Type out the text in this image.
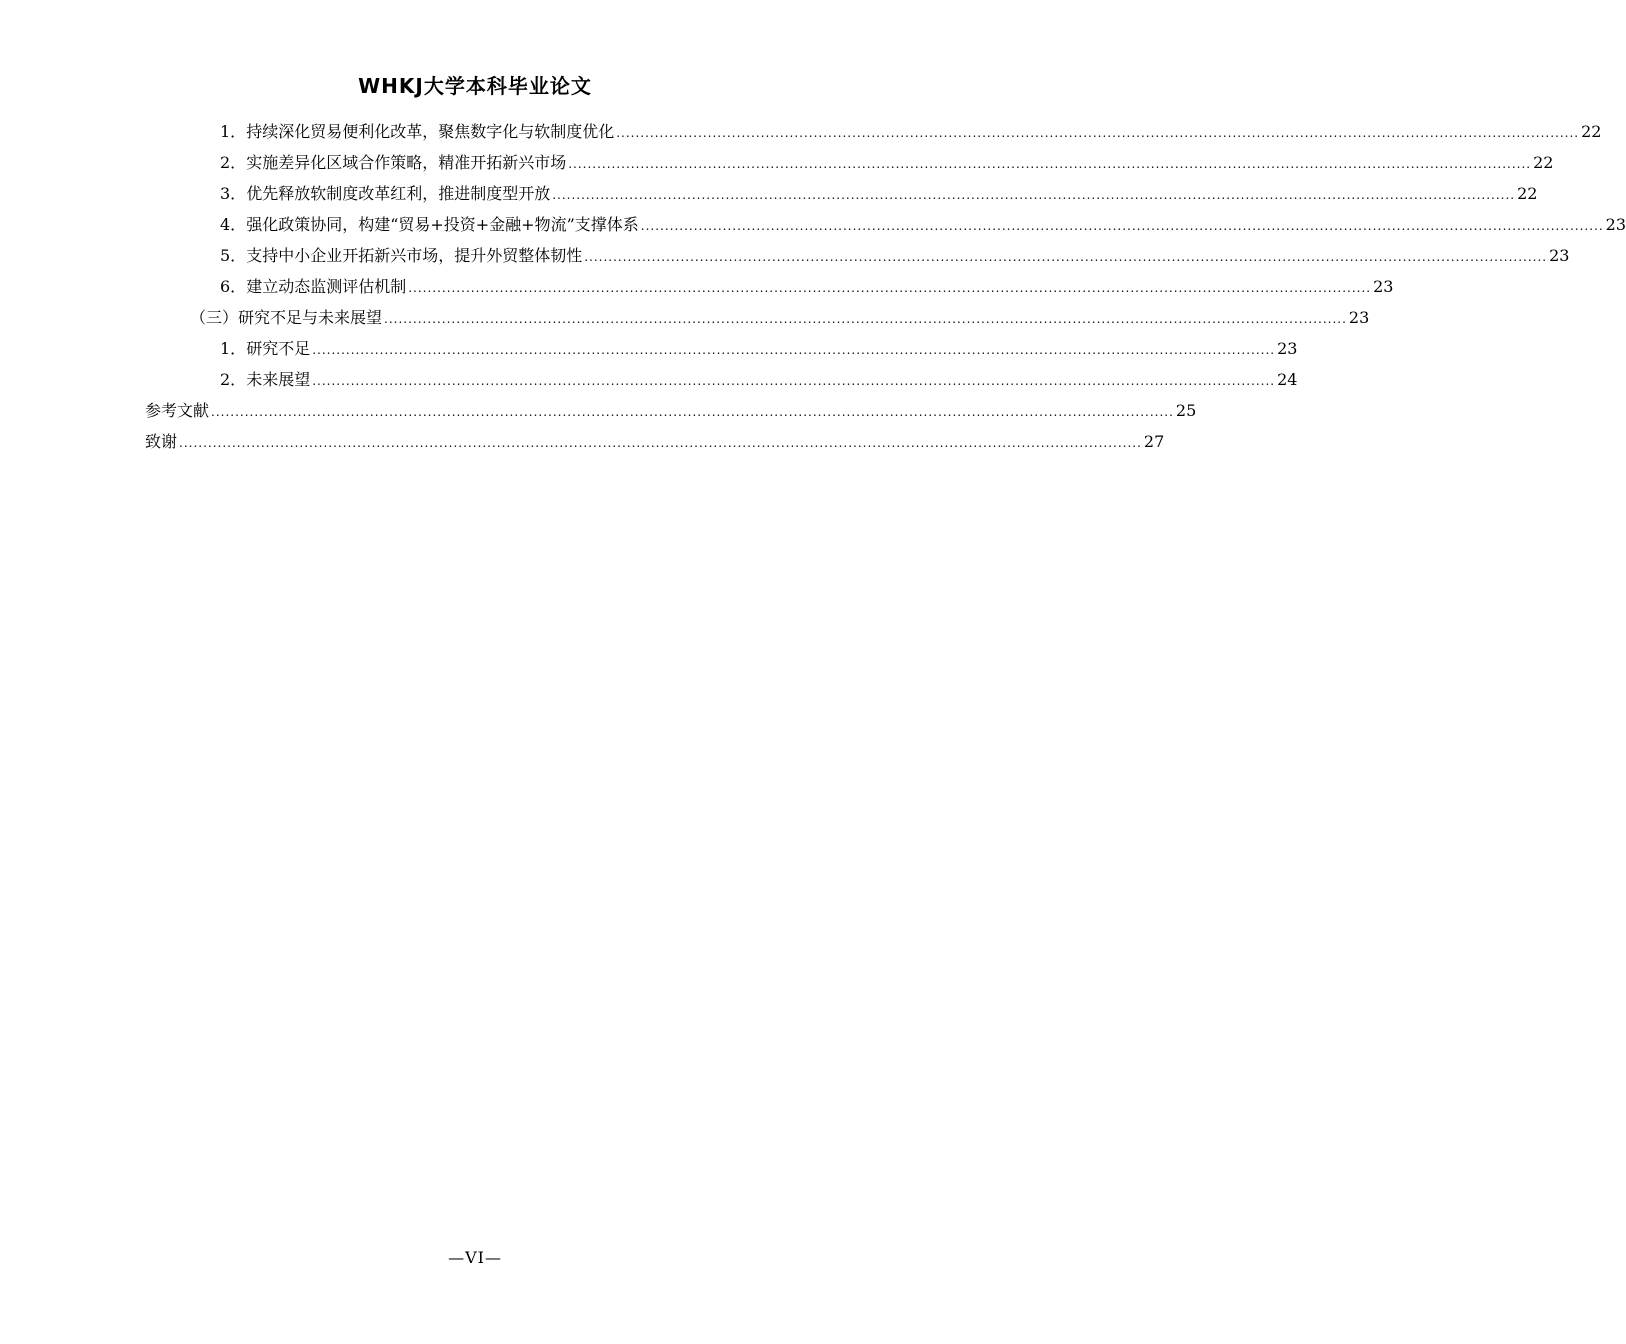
WHKJ大学本科毕业论文
1． 持续深化贸易便利化改革，聚焦数字化与软制度优化 ........................................................................................................................................................................................................ 22
2． 实施差异化区域合作策略，精准开拓新兴市场 ........................................................................................................................................................................................................ 22
3． 优先释放软制度改革红利，推进制度型开放 ........................................................................................................................................................................................................ 22
4． 强化政策协同，构建“贸易+投资+金融+物流”支撑体系 ........................................................................................................................................................................................................ 23
5． 支持中小企业开拓新兴市场，提升外贸整体韧性 ........................................................................................................................................................................................................ 23
6． 建立动态监测评估机制 ........................................................................................................................................................................................................ 23
（三） 研究不足与未来展望 ........................................................................................................................................................................................................ 23
1． 研究不足 ........................................................................................................................................................................................................ 23
2． 未来展望 ........................................................................................................................................................................................................ 24
参考文献 ........................................................................................................................................................................................................ 25
致谢 ........................................................................................................................................................................................................ 27
—VI—
